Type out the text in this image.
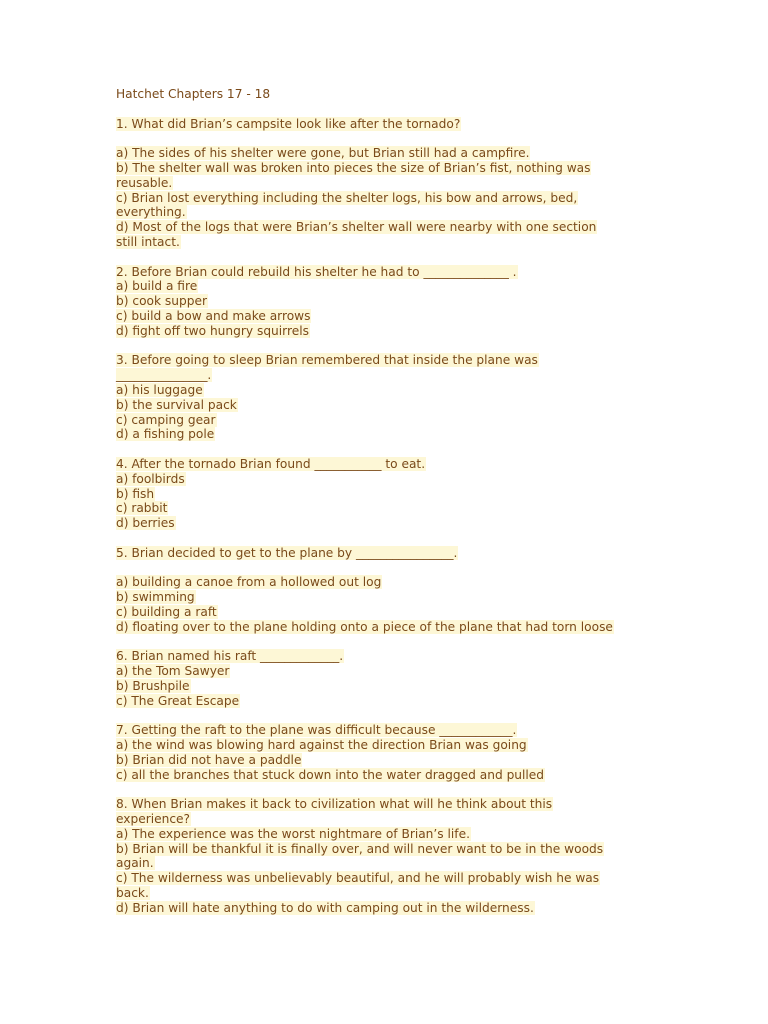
Hatchet Chapters 17 - 18
1. What did Brian’s campsite look like after the tornado?
a) The sides of his shelter were gone, but Brian still had a campfire.
b) The shelter wall was broken into pieces the size of Brian’s fist, nothing was
reusable.
c) Brian lost everything including the shelter logs, his bow and arrows, bed,
everything.
d) Most of the logs that were Brian’s shelter wall were nearby with one section
still intact.
2. Before Brian could rebuild his shelter he had to ______________ .
a) build a fire
b) cook supper
c) build a bow and make arrows
d) fight off two hungry squirrels
3. Before going to sleep Brian remembered that inside the plane was
_______________.
a) his luggage
b) the survival pack
c) camping gear
d) a fishing pole
4. After the tornado Brian found ___________ to eat.
a) foolbirds
b) fish
c) rabbit
d) berries
5. Brian decided to get to the plane by ________________.
a) building a canoe from a hollowed out log
b) swimming
c) building a raft
d) floating over to the plane holding onto a piece of the plane that had torn loose
6. Brian named his raft _____________.
a) the Tom Sawyer
b) Brushpile
c) The Great Escape
7. Getting the raft to the plane was difficult because ____________.
a) the wind was blowing hard against the direction Brian was going
b) Brian did not have a paddle
c) all the branches that stuck down into the water dragged and pulled
8. When Brian makes it back to civilization what will he think about this
experience?
a) The experience was the worst nightmare of Brian’s life.
b) Brian will be thankful it is finally over, and will never want to be in the woods
again.
c) The wilderness was unbelievably beautiful, and he will probably wish he was
back.
d) Brian will hate anything to do with camping out in the wilderness.
